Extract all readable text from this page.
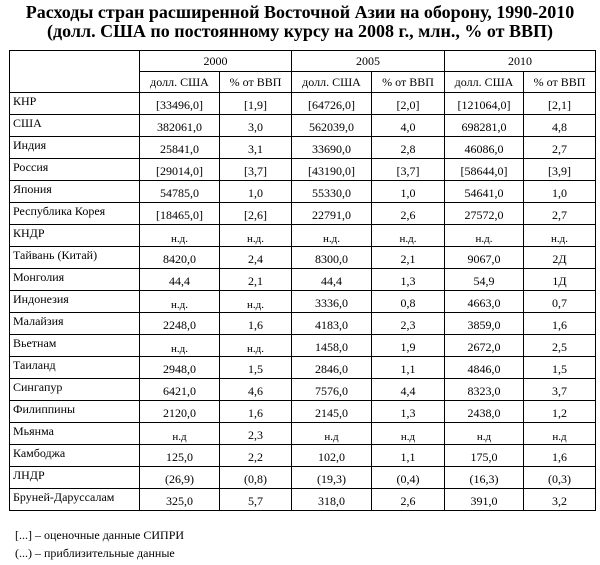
Расходы стран расширенной Восточной Азии на оборону, 1990-2010
(долл. США по постоянному курсу на 2008 г., млн., % от ВВП)
	2000		2005		2010	
	долл. США	% от ВВП	долл. США	% от ВВП	долл. США	% от ВВП
КНР	[33496,0]	[1,9]	[64726,0]	[2,0]	[121064,0]	[2,1]
США	382061,0	3,0	562039,0	4,0	698281,0	4,8
Индия	25841,0	3,1	33690,0	2,8	46086,0	2,7
Россия	[29014,0]	[3,7]	[43190,0]	[3,7]	[58644,0]	[3,9]
Япония	54785,0	1,0	55330,0	1,0	54641,0	1,0
Республика Корея	[18465,0]	[2,6]	22791,0	2,6	27572,0	2,7
КНДР	н.д.	н.д.	н.д.	н.д.	н.д.	н.д.
Тайвань (Китай)	8420,0	2,4	8300,0	2,1	9067,0	2Д
Монголия	44,4	2,1	44,4	1,3	54,9	1Д
Индонезия	н.д.	н.д.	3336,0	0,8	4663,0	0,7
Малайзия	2248,0	1,6	4183,0	2,3	3859,0	1,6
Вьетнам	н.д.	н.д.	1458,0	1,9	2672,0	2,5
Таиланд	2948,0	1,5	2846,0	1,1	4846,0	1,5
Сингапур	6421,0	4,6	7576,0	4,4	8323,0	3,7
Филиппины	2120,0	1,6	2145,0	1,3	2438,0	1,2
Мьянма	н.д	2,3	н.д	н.д	н.д	н.д
Камбоджа	125,0	2,2	102,0	1,1	175,0	1,6
ЛНДР	(26,9)	(0,8)	(19,3)	(0,4)	(16,3)	(0,3)
Бруней-Даруссалам	325,0	5,7	318,0	2,6	391,0	3,2
[...] – оценочные данные СИПРИ
(...) – приблизительные данные
